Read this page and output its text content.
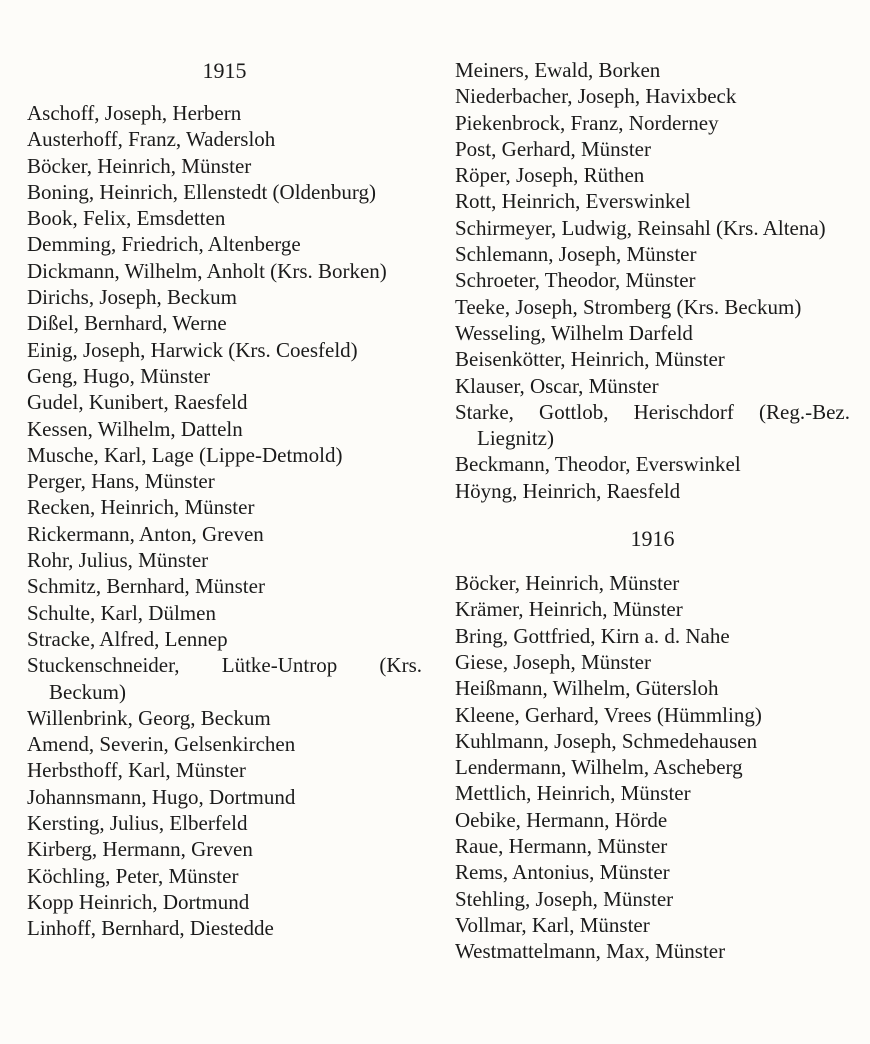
1915
Aschoff, Joseph, Herbern
Austerhoff, Franz, Wadersloh
Böcker, Heinrich, Münster
Boning, Heinrich, Ellenstedt (Oldenburg)
Book, Felix, Emsdetten
Demming, Friedrich, Altenberge
Dickmann, Wilhelm, Anholt (Krs. Borken)
Dirichs, Joseph, Beckum
Dißel, Bernhard, Werne
Einig, Joseph, Harwick (Krs. Coesfeld)
Geng, Hugo, Münster
Gudel, Kunibert, Raesfeld
Kessen, Wilhelm, Datteln
Musche, Karl, Lage (Lippe-Detmold)
Perger, Hans, Münster
Recken, Heinrich, Münster
Rickermann, Anton, Greven
Rohr, Julius, Münster
Schmitz, Bernhard, Münster
Schulte, Karl, Dülmen
Stracke, Alfred, Lennep
Stuckenschneider, Lütke-Untrop (Krs. Beckum)
Willenbrink, Georg, Beckum
Amend, Severin, Gelsenkirchen
Herbsthoff, Karl, Münster
Johannsmann, Hugo, Dortmund
Kersting, Julius, Elberfeld
Kirberg, Hermann, Greven
Köchling, Peter, Münster
Kopp Heinrich, Dortmund
Linhoff, Bernhard, Diestedde
Meiners, Ewald, Borken
Niederbacher, Joseph, Havixbeck
Piekenbrock, Franz, Norderney
Post, Gerhard, Münster
Röper, Joseph, Rüthen
Rott, Heinrich, Everswinkel
Schirmeyer, Ludwig, Reinsahl (Krs. Altena)
Schlemann, Joseph, Münster
Schroeter, Theodor, Münster
Teeke, Joseph, Stromberg (Krs. Beckum)
Wesseling, Wilhelm Darfeld
Beisenkötter, Heinrich, Münster
Klauser, Oscar, Münster
Starke, Gottlob, Herischdorf (Reg.-Bez. Liegnitz)
Beckmann, Theodor, Everswinkel
Höyng, Heinrich, Raesfeld
1916
Böcker, Heinrich, Münster
Krämer, Heinrich, Münster
Bring, Gottfried, Kirn a. d. Nahe
Giese, Joseph, Münster
Heißmann, Wilhelm, Gütersloh
Kleene, Gerhard, Vrees (Hümmling)
Kuhlmann, Joseph, Schmedehausen
Lendermann, Wilhelm, Ascheberg
Mettlich, Heinrich, Münster
Oebike, Hermann, Hörde
Raue, Hermann, Münster
Rems, Antonius, Münster
Stehling, Joseph, Münster
Vollmar, Karl, Münster
Westmattelmann, Max, Münster
